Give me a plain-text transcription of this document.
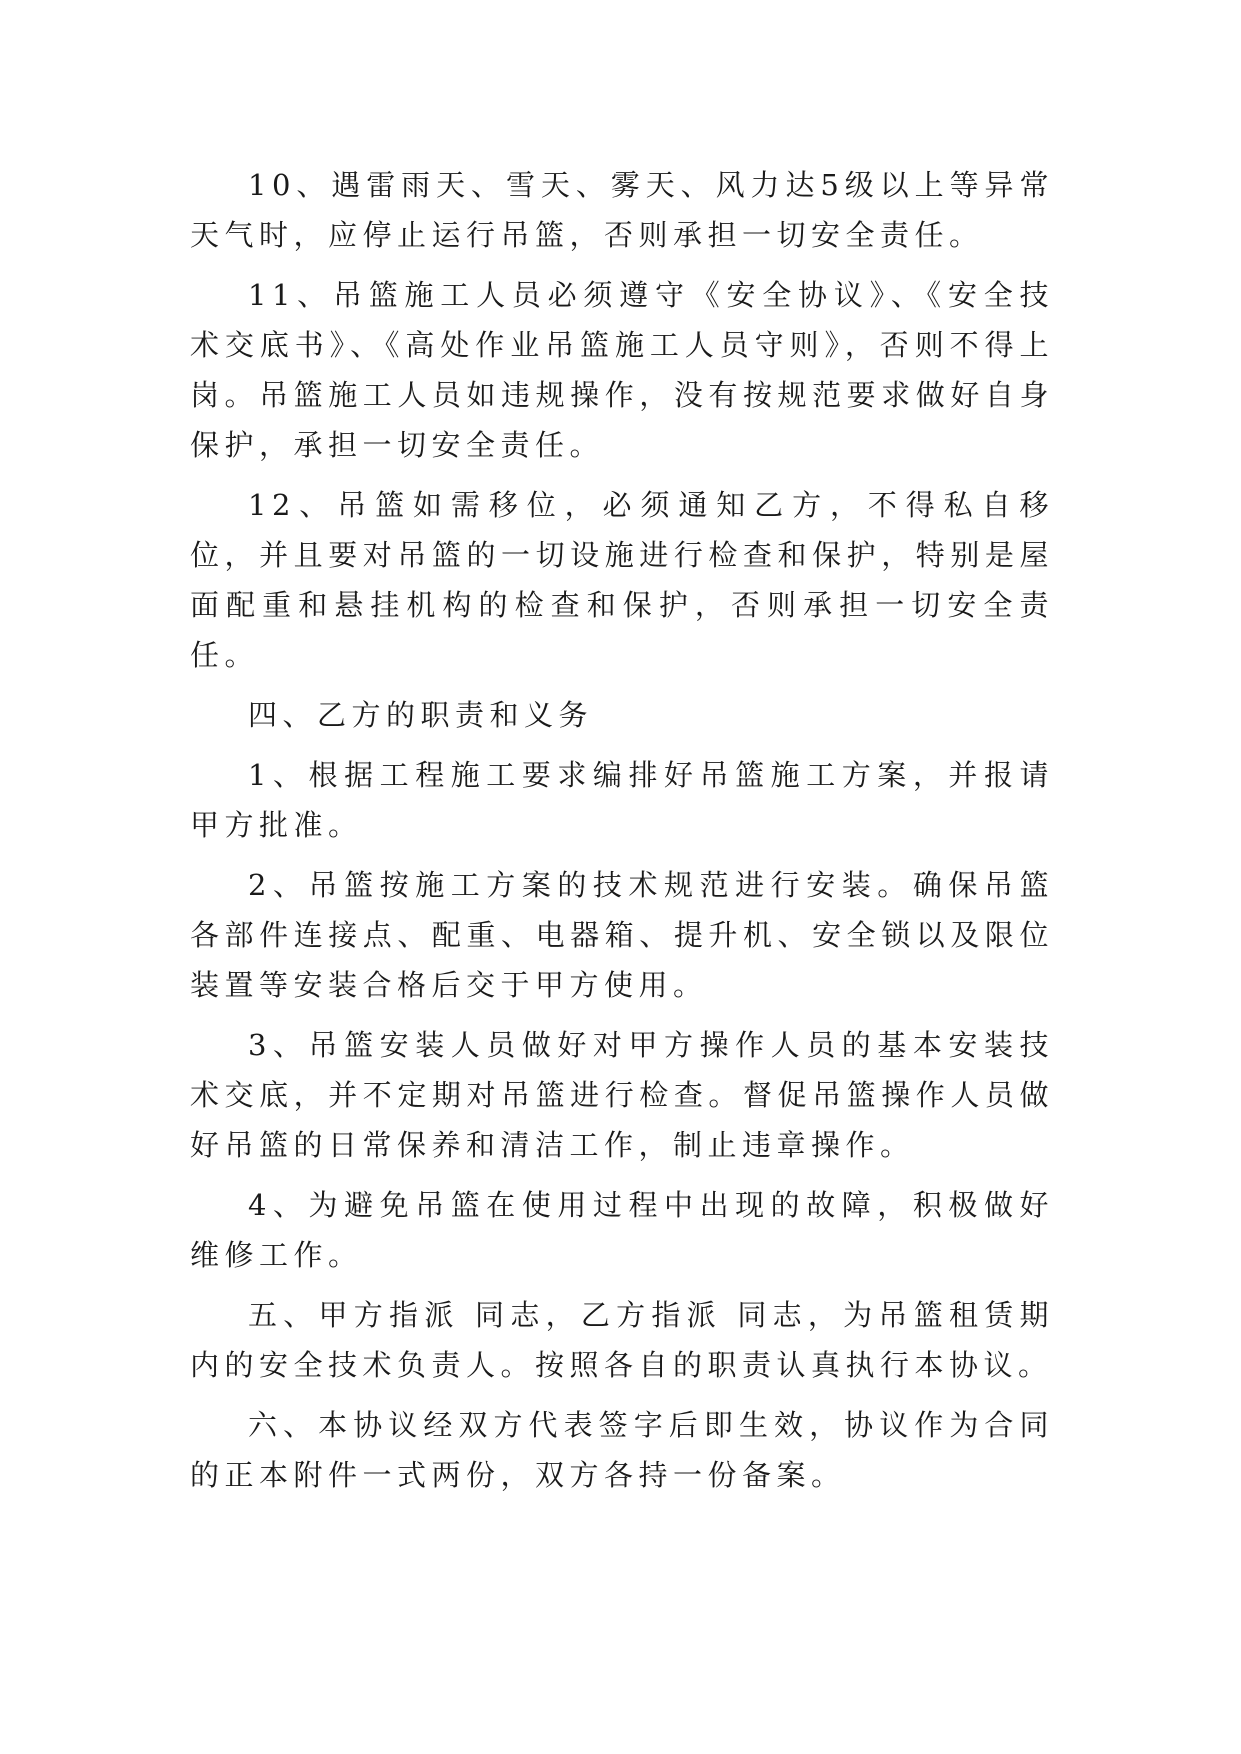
10、遇雷雨天、雪天、雾天、风力达5级以上等异常天气时，应停止运行吊篮，否则承担一切安全责任。

11、吊篮施工人员必须遵守《安全协议》、《安全技术交底书》、《高处作业吊篮施工人员守则》，否则不得上岗。吊篮施工人员如违规操作，没有按规范要求做好自身保护，承担一切安全责任。

12、吊篮如需移位，必须通知乙方，不得私自移位，并且要对吊篮的一切设施进行检查和保护，特别是屋面配重和悬挂机构的检查和保护，否则承担一切安全责任。

四、乙方的职责和义务

1、根据工程施工要求编排好吊篮施工方案，并报请甲方批准。

2、吊篮按施工方案的技术规范进行安装。确保吊篮各部件连接点、配重、电器箱、提升机、安全锁以及限位装置等安装合格后交于甲方使用。

3、吊篮安装人员做好对甲方操作人员的基本安装技术交底，并不定期对吊篮进行检查。督促吊篮操作人员做好吊篮的日常保养和清洁工作，制止违章操作。

4、为避免吊篮在使用过程中出现的故障，积极做好维修工作。

五、甲方指派 同志，乙方指派 同志，为吊篮租赁期内的安全技术负责人。按照各自的职责认真执行本协议。

六、本协议经双方代表签字后即生效，协议作为合同的正本附件一式两份，双方各持一份备案。
